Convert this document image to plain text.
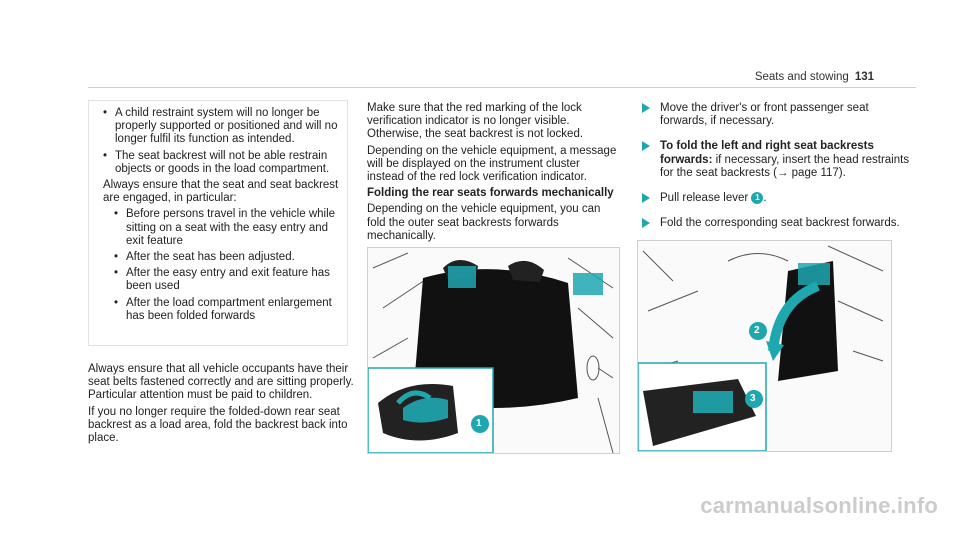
Seats and stowing 131
• A child restraint system will no longer be properly supported or positioned and will no longer fulfil its function as intended.
• The seat backrest will not be able restrain objects or goods in the load compartment.

Always ensure that the seat and seat backrest are engaged, in particular:

• Before persons travel in the vehicle while sitting on a seat with the easy entry and exit feature
• After the seat has been adjusted.
• After the easy entry and exit feature has been used
• After the load compartment enlargement has been folded forwards

Always ensure that all vehicle occupants have their seat belts fastened correctly and are sitting properly. Particular attention must be paid to children.

If you no longer require the folded-down rear seat backrest as a load area, fold the backrest back into place.

Make sure that the red marking of the lock verification indicator is no longer visible. Otherwise, the seat backrest is not locked.

Depending on the vehicle equipment, a message will be displayed on the instrument cluster instead of the red lock verification indicator.

Folding the rear seats forwards mechanically

Depending on the vehicle equipment, you can fold the outer seat backrests forwards mechanically.

Move the driver's or front passenger seat forwards, if necessary.
To fold the left and right seat backrests forwards: if necessary, insert the head restraints for the seat backrests (→ page 117).
Pull release lever 1 .
Fold the corresponding seat backrest forwards.
1
2
3
carmanualsonline.info
